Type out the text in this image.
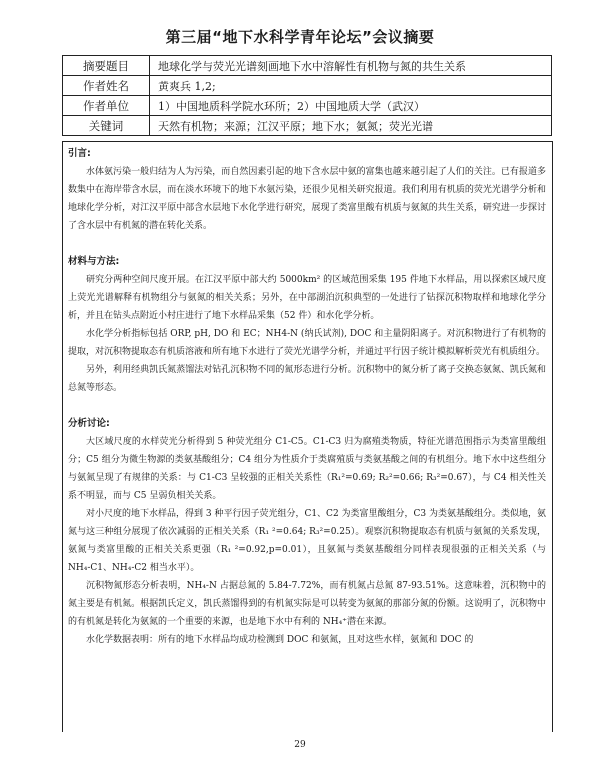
第三届“地下水科学青年论坛”会议摘要
摘要题目	地球化学与荧光光谱刻画地下水中溶解性有机物与氮的共生关系
作者姓名	黄爽兵 1,2;
作者单位	1）中国地质科学院水环所；2）中国地质大学（武汉）
关键词	天然有机物；来源；江汉平原；地下水；氨氮；荧光光谱

引言:

水体氨污染一般归结为人为污染，而自然因素引起的地下含水层中氨的富集也越来越引起了人们的关注。已有报道多数集中在海岸带含水层，而在淡水环境下的地下水氨污染，还很少见相关研究报道。我们利用有机质的荧光光谱学分析和地球化学分析，对江汉平原中部含水层地下水化学进行研究，展现了类富里酸有机质与氨氮的共生关系，研究进一步探讨了含水层中有机氮的潜在转化关系。

材料与方法:

研究分两种空间尺度开展。在江汉平原中部大约 5000km² 的区域范围采集 195 件地下水样品，用以探索区域尺度上荧光光谱解释有机物组分与氨氮的相关关系；另外，在中部湖泊沉积典型的一处进行了钻探沉积物取样和地球化学分析，并且在钻头点附近小村庄进行了地下水样品采集（52 件）和水化学分析。

水化学分析指标包括 ORP, pH, DO 和 EC；NH4-N (纳氏试剂), DOC 和主量阴阳离子。对沉积物进行了有机物的提取，对沉积物提取态有机质溶液和所有地下水进行了荧光光谱学分析，并通过平行因子统计模拟解析荧光有机质组分。

另外，利用经典凯氏氮蒸馏法对钻孔沉积物不同的氮形态进行分析。沉积物中的氮分析了离子交换态氨氮、凯氏氮和总氮等形态。

分析讨论:

大区域尺度的水样荧光分析得到 5 种荧光组分 C1-C5。C1-C3 归为腐殖类物质，特征光谱范围指示为类富里酸组分；C5 组分为微生物源的类氨基酸组分；C4 组分为性质介于类腐殖质与类氨基酸之间的有机组分。地下水中这些组分与氨氮呈现了有规律的关系：与 C1-C3 呈较强的正相关关系性（R₁²=0.69; R₂²=0.66; R₃²=0.67），与 C4 相关性关系不明显，而与 C5 呈弱负相关关系。

对小尺度的地下水样品，得到 3 种平行因子荧光组分，C1、C2 为类富里酸组分，C3 为类氨基酸组分。类似地，氨氮与这三种组分展现了依次减弱的正相关关系（R₁ ²=0.64; R₃²=0.25）。观察沉积物提取态有机质与氨氮的关系发现，氨氮与类富里酸的正相关关系更强（R₁ ²=0.92,p=0.01），且氨氮与类氨基酸组分同样表现很强的正相关关系（与 NH₄-C1、NH₄-C2 相当水平）。

沉积物氮形态分析表明，NH₄-N 占据总氮的 5.84-7.72%，而有机氮占总氮 87-93.51%。这意味着，沉积物中的氮主要是有机氮。根据凯氏定义，凯氏蒸馏得到的有机氮实际是可以转变为氨氮的那部分氮的份额。这说明了，沉积物中的有机氮是转化为氨氮的一个重要的来源，也是地下水中有利的 NH₄⁺潜在来源。

水化学数据表明：所有的地下水样品均成功检测到 DOC 和氨氮，且对这些水样，氨氮和 DOC 的

29
